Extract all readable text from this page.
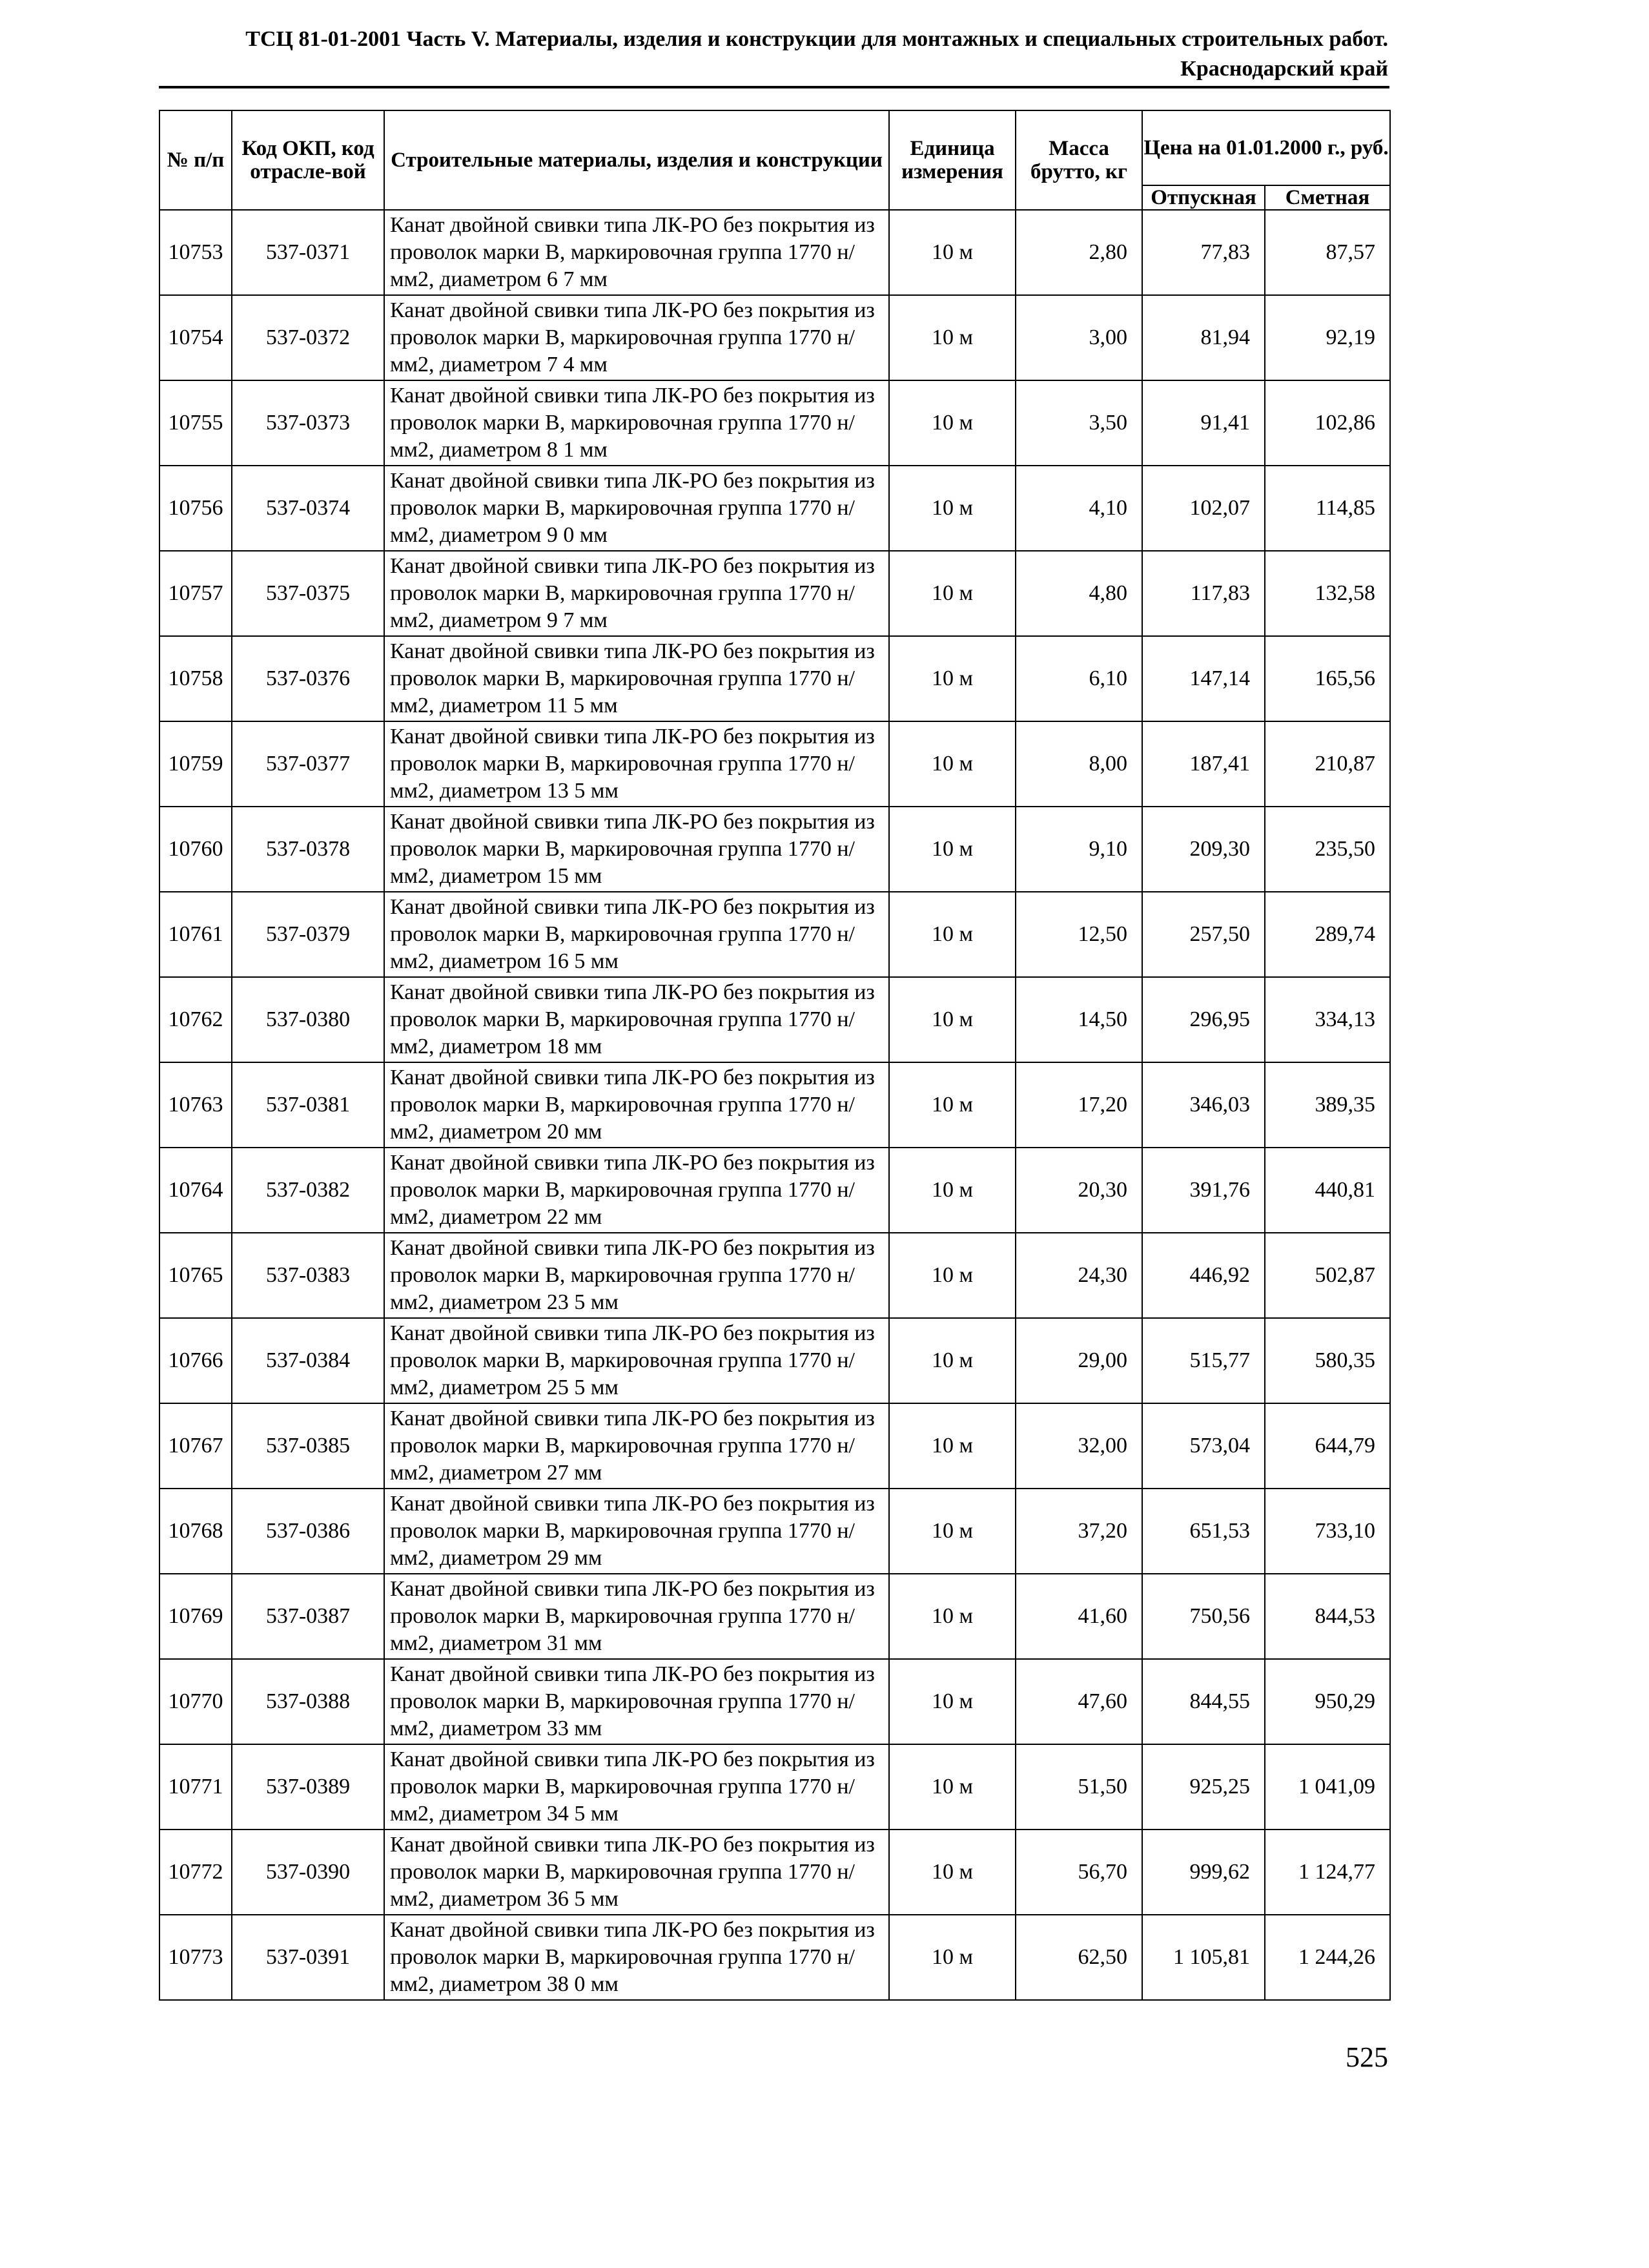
ТСЦ 81-01-2001 Часть V. Материалы, изделия и конструкции для монтажных и специальных строительных работ.
Краснодарский край
№ п/п	Код ОКП, код отрасле-вой	Строительные материалы, изделия и конструкции	Единица измерения	Масса брутто, кг	Цена на 01.01.2000 г., руб.	
					Отпускная	Сметная
10753	537-0371	Канат двойной свивки типа ЛК-РО без покрытия из проволок марки В, маркировочная группа 1770 н/мм2, диаметром 6 7 мм	10 м	2,80	77,83	87,57
10754	537-0372	Канат двойной свивки типа ЛК-РО без покрытия из проволок марки В, маркировочная группа 1770 н/мм2, диаметром 7 4 мм	10 м	3,00	81,94	92,19
10755	537-0373	Канат двойной свивки типа ЛК-РО без покрытия из проволок марки В, маркировочная группа 1770 н/мм2, диаметром 8 1 мм	10 м	3,50	91,41	102,86
10756	537-0374	Канат двойной свивки типа ЛК-РО без покрытия из проволок марки В, маркировочная группа 1770 н/мм2, диаметром 9 0 мм	10 м	4,10	102,07	114,85
10757	537-0375	Канат двойной свивки типа ЛК-РО без покрытия из проволок марки В, маркировочная группа 1770 н/мм2, диаметром 9 7 мм	10 м	4,80	117,83	132,58
10758	537-0376	Канат двойной свивки типа ЛК-РО без покрытия из проволок марки В, маркировочная группа 1770 н/мм2, диаметром 11 5 мм	10 м	6,10	147,14	165,56
10759	537-0377	Канат двойной свивки типа ЛК-РО без покрытия из проволок марки В, маркировочная группа 1770 н/мм2, диаметром 13 5 мм	10 м	8,00	187,41	210,87
10760	537-0378	Канат двойной свивки типа ЛК-РО без покрытия из проволок марки В, маркировочная группа 1770 н/мм2, диаметром 15 мм	10 м	9,10	209,30	235,50
10761	537-0379	Канат двойной свивки типа ЛК-РО без покрытия из проволок марки В, маркировочная группа 1770 н/мм2, диаметром 16 5 мм	10 м	12,50	257,50	289,74
10762	537-0380	Канат двойной свивки типа ЛК-РО без покрытия из проволок марки В, маркировочная группа 1770 н/мм2, диаметром 18 мм	10 м	14,50	296,95	334,13
10763	537-0381	Канат двойной свивки типа ЛК-РО без покрытия из проволок марки В, маркировочная группа 1770 н/мм2, диаметром 20 мм	10 м	17,20	346,03	389,35
10764	537-0382	Канат двойной свивки типа ЛК-РО без покрытия из проволок марки В, маркировочная группа 1770 н/мм2, диаметром 22 мм	10 м	20,30	391,76	440,81
10765	537-0383	Канат двойной свивки типа ЛК-РО без покрытия из проволок марки В, маркировочная группа 1770 н/мм2, диаметром 23 5 мм	10 м	24,30	446,92	502,87
10766	537-0384	Канат двойной свивки типа ЛК-РО без покрытия из проволок марки В, маркировочная группа 1770 н/мм2, диаметром 25 5 мм	10 м	29,00	515,77	580,35
10767	537-0385	Канат двойной свивки типа ЛК-РО без покрытия из проволок марки В, маркировочная группа 1770 н/мм2, диаметром 27 мм	10 м	32,00	573,04	644,79
10768	537-0386	Канат двойной свивки типа ЛК-РО без покрытия из проволок марки В, маркировочная группа 1770 н/мм2, диаметром 29 мм	10 м	37,20	651,53	733,10
10769	537-0387	Канат двойной свивки типа ЛК-РО без покрытия из проволок марки В, маркировочная группа 1770 н/мм2, диаметром 31 мм	10 м	41,60	750,56	844,53
10770	537-0388	Канат двойной свивки типа ЛК-РО без покрытия из проволок марки В, маркировочная группа 1770 н/мм2, диаметром 33 мм	10 м	47,60	844,55	950,29
10771	537-0389	Канат двойной свивки типа ЛК-РО без покрытия из проволок марки В, маркировочная группа 1770 н/мм2, диаметром 34 5 мм	10 м	51,50	925,25	1 041,09
10772	537-0390	Канат двойной свивки типа ЛК-РО без покрытия из проволок марки В, маркировочная группа 1770 н/мм2, диаметром 36 5 мм	10 м	56,70	999,62	1 124,77
10773	537-0391	Канат двойной свивки типа ЛК-РО без покрытия из проволок марки В, маркировочная группа 1770 н/мм2, диаметром 38 0 мм	10 м	62,50	1 105,81	1 244,26
525
